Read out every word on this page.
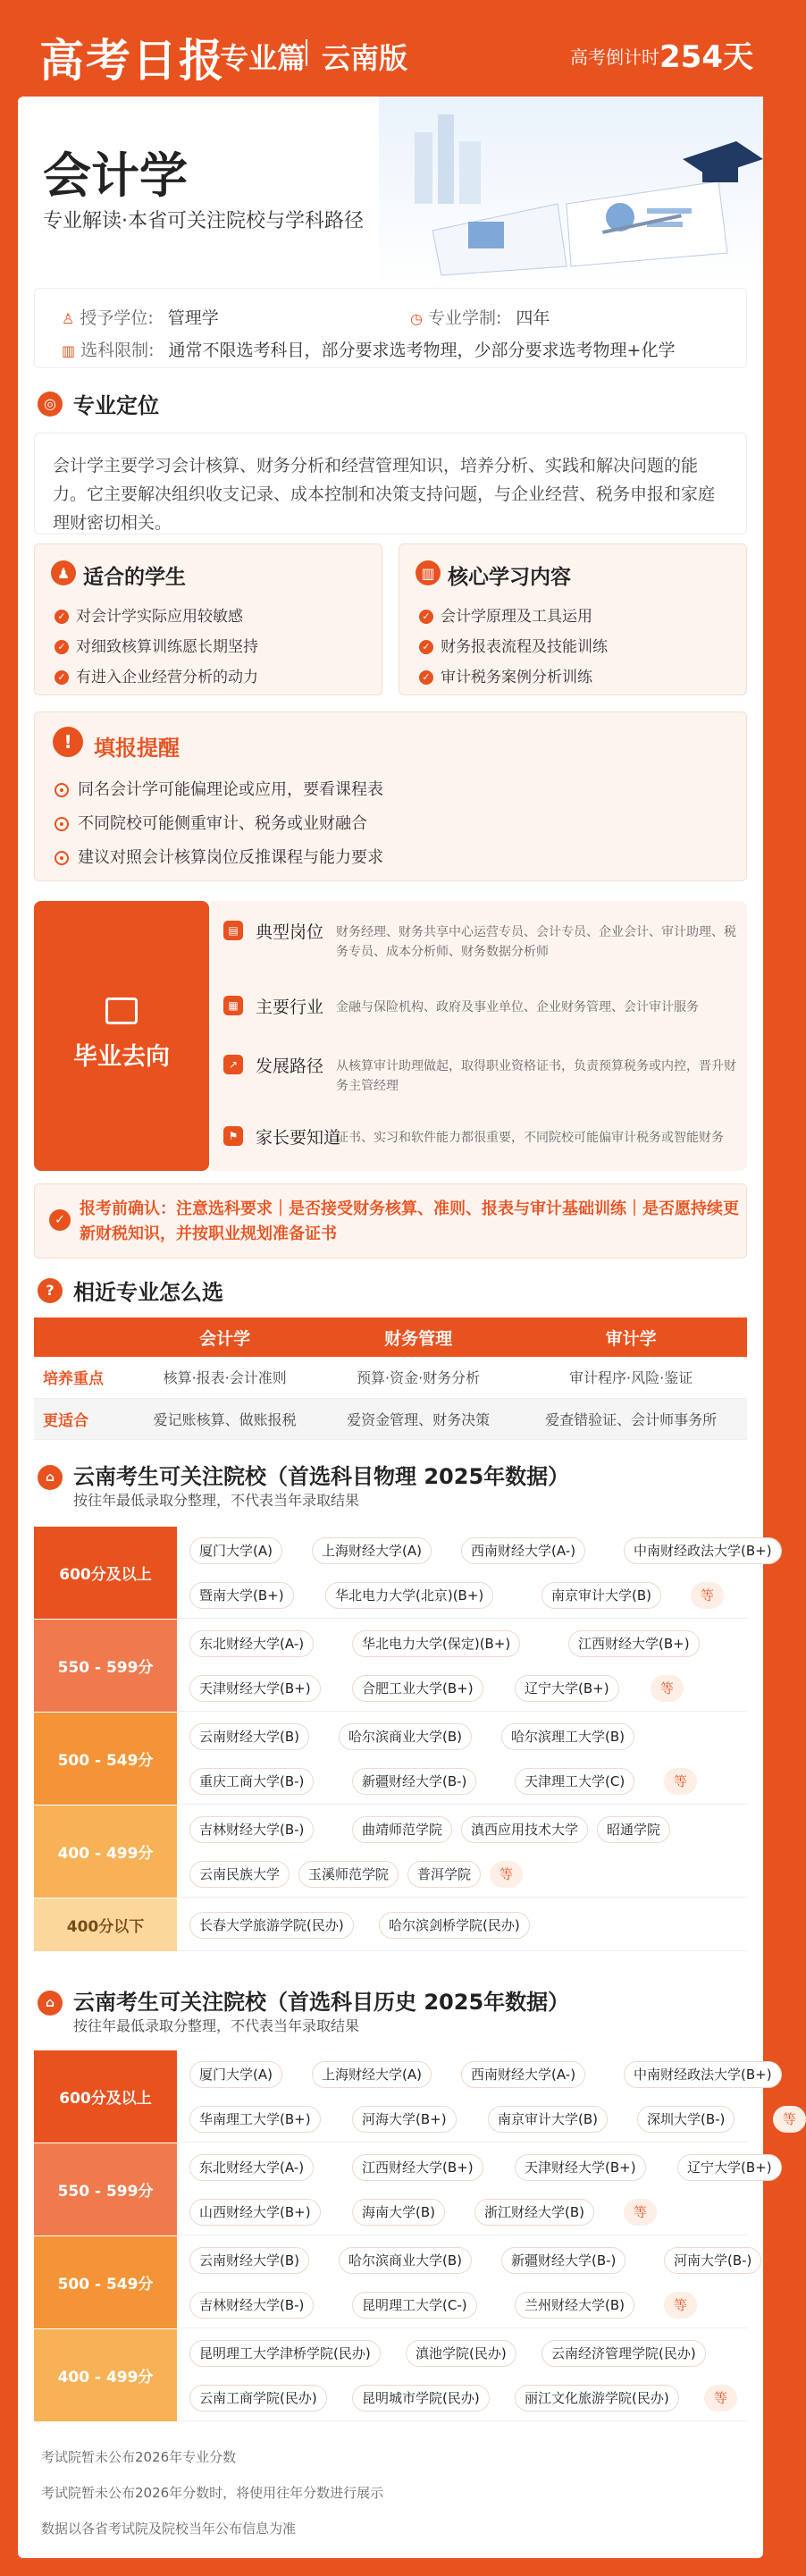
高考日报
专业篇 云南版	高考倒计时 254天
会计学
专业解读·本省可关注院校与学科路径
♙ 授予学位: 管理学	◷ 专业学制: 四年
▥ 选科限制: 通常不限选考科目，部分要求选考物理，少部分要求选考物理+化学
◎ 专业定位
会计学主要学习会计核算、财务分析和经营管理知识，培养分析、实践和解决问题的能力。它主要解决组织收支记录、成本控制和决策支持问题，与企业经营、税务申报和家庭理财密切相关。
♟ 适合的学生
✓ 对会计学实际应用较敏感
✓ 对细致核算训练愿长期坚持
✓ 有进入企业经营分析的动力
▥ 核心学习内容
✓ 会计学原理及工具运用
✓ 财务报表流程及技能训练
✓ 审计税务案例分析训练
!	填报提醒
同名会计学可能偏理论或应用，要看课程表
不同院校可能侧重审计、税务或业财融合
建议对照会计核算岗位反推课程与能力要求
毕业去向
▤ 典型岗位 财务经理、财务共享中心运营专员、会计专员、企业会计、审计助理、税务专员、成本分析师、财务数据分析师
▦ 主要行业 金融与保险机构、政府及事业单位、企业财务管理、会计审计服务
↗	发展路径 从核算审计助理做起，取得职业资格证书，负责预算税务或内控，晋升财务主管经理
⚑ 家长要知道
证书、实习和软件能力都很重要，不同院校可能偏审计税务或智能财务
✓
报考前确认：注意选科要求｜是否接受财务核算、准则、报表与审计基础训练｜是否愿持续更新财税知识，并按职业规划准备证书
? 相近专业怎么选
	会计学	财务管理	审计学
培养重点	核算·报表·会计准则	预算·资金·财务分析	审计程序·风险·鉴证
更适合	爱记账核算、做账报税	爱资金管理、财务决策	爱查错验证、会计师事务所
⌂ 云南考生可关注院校（首选科目物理 2025年数据）
按往年最低录取分整理，不代表当年录取结果
600分及以上
厦门大学(A)	上海财经大学(A)	西南财经大学(A-)	中南财经政法大学(B+)
暨南大学(B+)	华北电力大学(北京)(B+)	南京审计大学(B)	等
550 - 599分
东北财经大学(A-)	华北电力大学(保定)(B+)	江西财经大学(B+)
天津财经大学(B+)	合肥工业大学(B+)	辽宁大学(B+)	等
500 - 549分
云南财经大学(B)	哈尔滨商业大学(B)	哈尔滨理工大学(B)
重庆工商大学(B-)	新疆财经大学(B-)	天津理工大学(C)	等
400 - 499分
吉林财经大学(B-)	曲靖师范学院	滇西应用技术大学	昭通学院
云南民族大学	玉溪师范学院	普洱学院	等
400分以下	长春大学旅游学院(民办)	哈尔滨剑桥学院(民办)
⌂ 云南考生可关注院校（首选科目历史 2025年数据）
按往年最低录取分整理，不代表当年录取结果
600分及以上
厦门大学(A)	上海财经大学(A)	西南财经大学(A-)	中南财经政法大学(B+)
华南理工大学(B+)	河海大学(B+)	南京审计大学(B)	深圳大学(B-)	等
550 - 599分
东北财经大学(A-)	江西财经大学(B+)	天津财经大学(B+)	辽宁大学(B+)
山西财经大学(B+)	海南大学(B)	浙江财经大学(B)	等
500 - 549分
云南财经大学(B)	哈尔滨商业大学(B)	新疆财经大学(B-)	河南大学(B-)
吉林财经大学(B-)	昆明理工大学(C-)	兰州财经大学(B)	等
400 - 499分
昆明理工大学津桥学院(民办)	滇池学院(民办)	云南经济管理学院(民办)
云南工商学院(民办)	昆明城市学院(民办)	丽江文化旅游学院(民办)	等
考试院暂未公布2026年专业分数
考试院暂未公布2026年分数时，将使用往年分数进行展示
数据以各省考试院及院校当年公布信息为准
